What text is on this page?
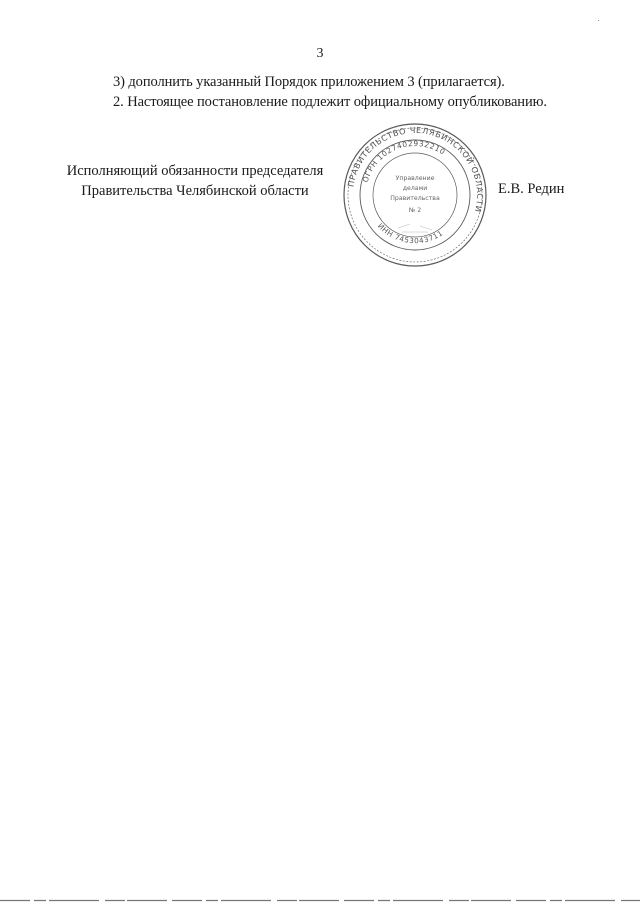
3
3) дополнить указанный Порядок приложением 3 (прилагается).
2. Настоящее постановление подлежит официальному опубликованию.
Исполняющий обязанности председателя
Правительства Челябинской области	ПРАВИТЕЛЬСТВО ЧЕЛЯБИНСКОЙ ОБЛАСТИ
ОГРН 1027402932210
ИНН 7453043711
Управление
делами
Правительства
№ 2
Е.В. Редин
